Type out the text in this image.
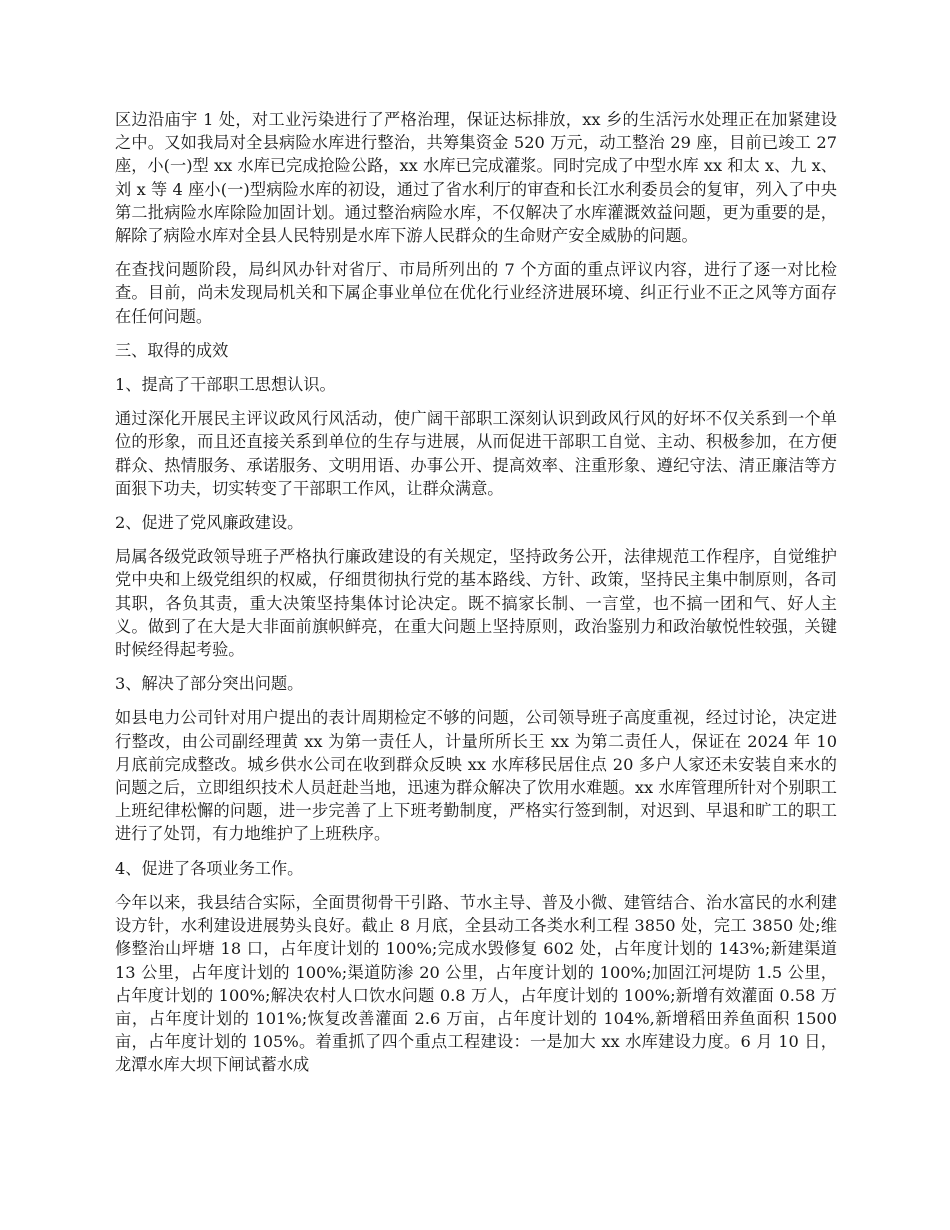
区边沿庙宇 1 处，对工业污染进行了严格治理，保证达标排放，xx 乡的生活污水处理正在加紧建设之中。又如我局对全县病险水库进行整治，共筹集资金 520 万元，动工整治 29 座，目前已竣工 27 座，小(一)型 xx 水库已完成抢险公路，xx 水库已完成灌浆。同时完成了中型水库 xx 和太 x、九 x、刘 x 等 4 座小(一)型病险水库的初设，通过了省水利厅的审查和长江水利委员会的复审，列入了中央第二批病险水库除险加固计划。通过整治病险水库，不仅解决了水库灌溉效益问题，更为重要的是，解除了病险水库对全县人民特别是水库下游人民群众的生命财产安全威胁的问题。

在查找问题阶段，局纠风办针对省厅、市局所列出的 7 个方面的重点评议内容，进行了逐一对比检查。目前，尚未发现局机关和下属企事业单位在优化行业经济进展环境、纠正行业不正之风等方面存在任何问题。

三、取得的成效

1、提高了干部职工思想认识。

通过深化开展民主评议政风行风活动，使广阔干部职工深刻认识到政风行风的好坏不仅关系到一个单位的形象，而且还直接关系到单位的生存与进展，从而促进干部职工自觉、主动、积极参加，在方便群众、热情服务、承诺服务、文明用语、办事公开、提高效率、注重形象、遵纪守法、清正廉洁等方面狠下功夫，切实转变了干部职工作风，让群众满意。

2、促进了党风廉政建设。

局属各级党政领导班子严格执行廉政建设的有关规定，坚持政务公开，法律规范工作程序，自觉维护党中央和上级党组织的权威，仔细贯彻执行党的基本路线、方针、政策，坚持民主集中制原则，各司其职，各负其责，重大决策坚持集体讨论决定。既不搞家长制、一言堂，也不搞一团和气、好人主义。做到了在大是大非面前旗帜鲜亮，在重大问题上坚持原则，政治鉴别力和政治敏悦性较强，关键时候经得起考验。

3、解决了部分突出问题。

如县电力公司针对用户提出的表计周期检定不够的问题，公司领导班子高度重视，经过讨论，决定进行整改，由公司副经理黄 xx 为第一责任人，计量所所长王 xx 为第二责任人，保证在 2024 年 10 月底前完成整改。城乡供水公司在收到群众反映 xx 水库移民居住点 20 多户人家还未安装自来水的问题之后，立即组织技术人员赶赴当地，迅速为群众解决了饮用水难题。xx 水库管理所针对个别职工上班纪律松懈的问题，进一步完善了上下班考勤制度，严格实行签到制，对迟到、早退和旷工的职工进行了处罚，有力地维护了上班秩序。

4、促进了各项业务工作。

今年以来，我县结合实际，全面贯彻骨干引路、节水主导、普及小微、建管结合、治水富民的水利建设方针，水利建设进展势头良好。截止 8 月底，全县动工各类水利工程 3850 处，完工 3850 处;维修整治山坪塘 18 口，占年度计划的 100%;完成水毁修复 602 处，占年度计划的 143%;新建渠道 13 公里，占年度计划的 100%;渠道防渗 20 公里，占年度计划的 100%;加固江河堤防 1.5 公里，占年度计划的 100%;解决农村人口饮水问题 0.8 万人，占年度计划的 100%;新增有效灌面 0.58 万亩，占年度计划的 101%;恢复改善灌面 2.6 万亩，占年度计划的 104%,新增稻田养鱼面积 1500 亩，占年度计划的 105%。着重抓了四个重点工程建设：一是加大 xx 水库建设力度。6 月 10 日，龙潭水库大坝下闸试蓄水成
